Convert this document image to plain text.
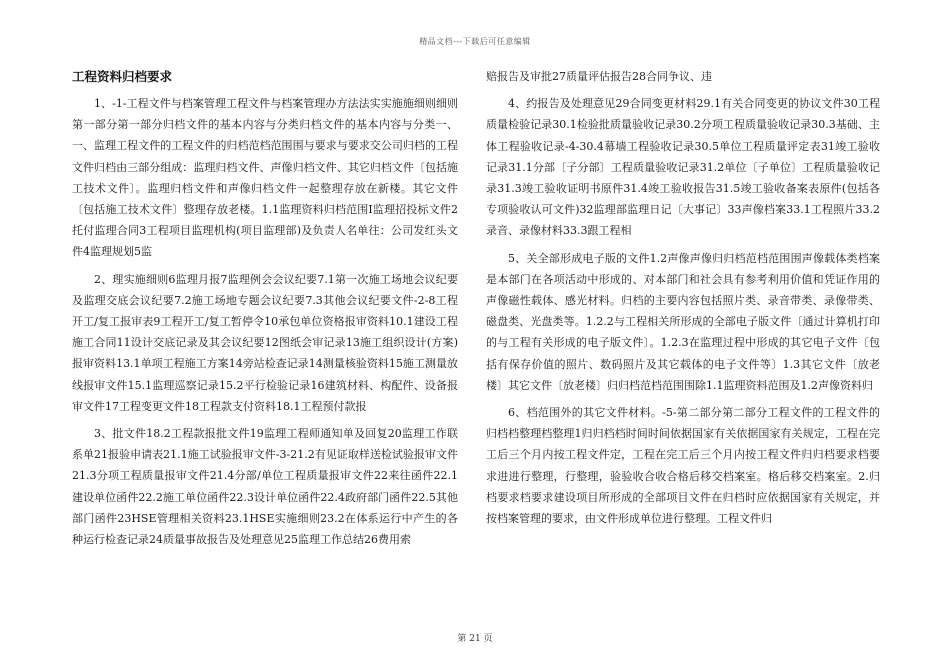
精品文档---下载后可任意编辑
工程资料归档要求

1、-1-工程文件与档案管理工程文件与档案管理办方法法实实施施细则细则第一部分第一部分归档文件的基本内容与分类归档文件的基本内容与分类一、一、监理工程文件的工程文件的归档范档范围围与要求与要求交公司归档的工程文件归档由三部分组成：监理归档文件、声像归档文件、其它归档文件〔包括施工技术文件〕。监理归档文件和声像归档文件一起整理存放在新楼。其它文件〔包括施工技术文件〕整理存放老楼。1.1监理资料归档范围Ⅰ监理招投标文件2托付监理合同3工程项目监理机构(项目监理部)及负责人名单往：公司发红头文件4监理规划5监

2、理实施细则6监理月报7监理例会会议纪要7.1第一次施工场地会议纪要及监理交底会议纪要7.2施工场地专题会议纪要7.3其他会议纪要文件-2-8工程开工/复工报审表9工程开工/复工暂停令10承包单位资格报审资料10.1建设工程施工合同11设计交底记录及其会议纪要12图纸会审记录13施工组织设计(方案)报审资料13.1单项工程施工方案14旁站检查记录14测量核验资料15施工测量放线报审文件15.1监理巡察记录15.2平行检验记录16建筑材料、构配件、设备报审文件17工程变更文件18工程款支付资料18.1工程预付款报

3、批文件18.2工程款报批文件19监理工程师通知单及回复20监理工作联系单21报验申请表21.1施工试验报审文件-3-21.2有见证取样送检试验报审文件21.3分项工程质量报审文件21.4分部/单位工程质量报审文件22来往函件22.1建设单位函件22.2施工单位函件22.3设计单位函件22.4政府部门函件22.5其他部门函件23HSE管理相关资料23.1HSE实施细则23.2在体系运行中产生的各种运行检查记录24质量事故报告及处理意见25监理工作总结26费用索

赔报告及审批27质量评估报告28合同争议、违

4、约报告及处理意见29合同变更材料29.1有关合同变更的协议文件30工程质量检验记录30.1检验批质量验收记录30.2分项工程质量验收记录30.3基础、主体工程验收记录-4-30.4幕墙工程验收记录30.5单位工程质量评定表31竣工验收记录31.1分部〔子分部〕工程质量验收记录31.2单位〔子单位〕工程质量验收记录31.3竣工验收证明书原件31.4竣工验收报告31.5竣工验收备案表原件(包括各专项验收认可文件)32监理部监理日记〔大事记〕33声像档案33.1工程照片33.2录音、录像材料33.3跟工程相

5、关全部形成电子版的文件1.2声像声像归归档范档范围围声像载体类档案是本部门在各项活动中形成的、对本部门和社会具有参考利用价值和凭证作用的声像磁性载体、感光材料。归档的主要内容包括照片类、录音带类、录像带类、磁盘类、光盘类等。1.2.2与工程相关所形成的全部电子版文件〔通过计算机打印的与工程有关形成的电子版文件〕。1.2.3在监理过程中形成的其它电子文件〔包括有保存价值的照片、数码照片及其它载体的电子文件等〕1.3其它文件〔放老楼〕其它文件〔放老楼〕归归档范档范围围除1.1监理资料范围及1.2声像资料归

6、档范围外的其它文件材料。-5-第二部分第二部分工程文件的工程文件的归档档整理档整理1归归档档时间时间依据国家有关依据国家有关规定，工程在完工后三个月内按工程文件定，工程在完工后三个月内按工程文件归归档要求档要求进进行整理，行整理，验验收合收合格后移交档案室。格后移交档案室。2.归档要求档要求建设项目所形成的全部项目文件在归档时应依据国家有关规定，并按档案管理的要求，由文件形成单位进行整理。工程文件归

第 21 页
